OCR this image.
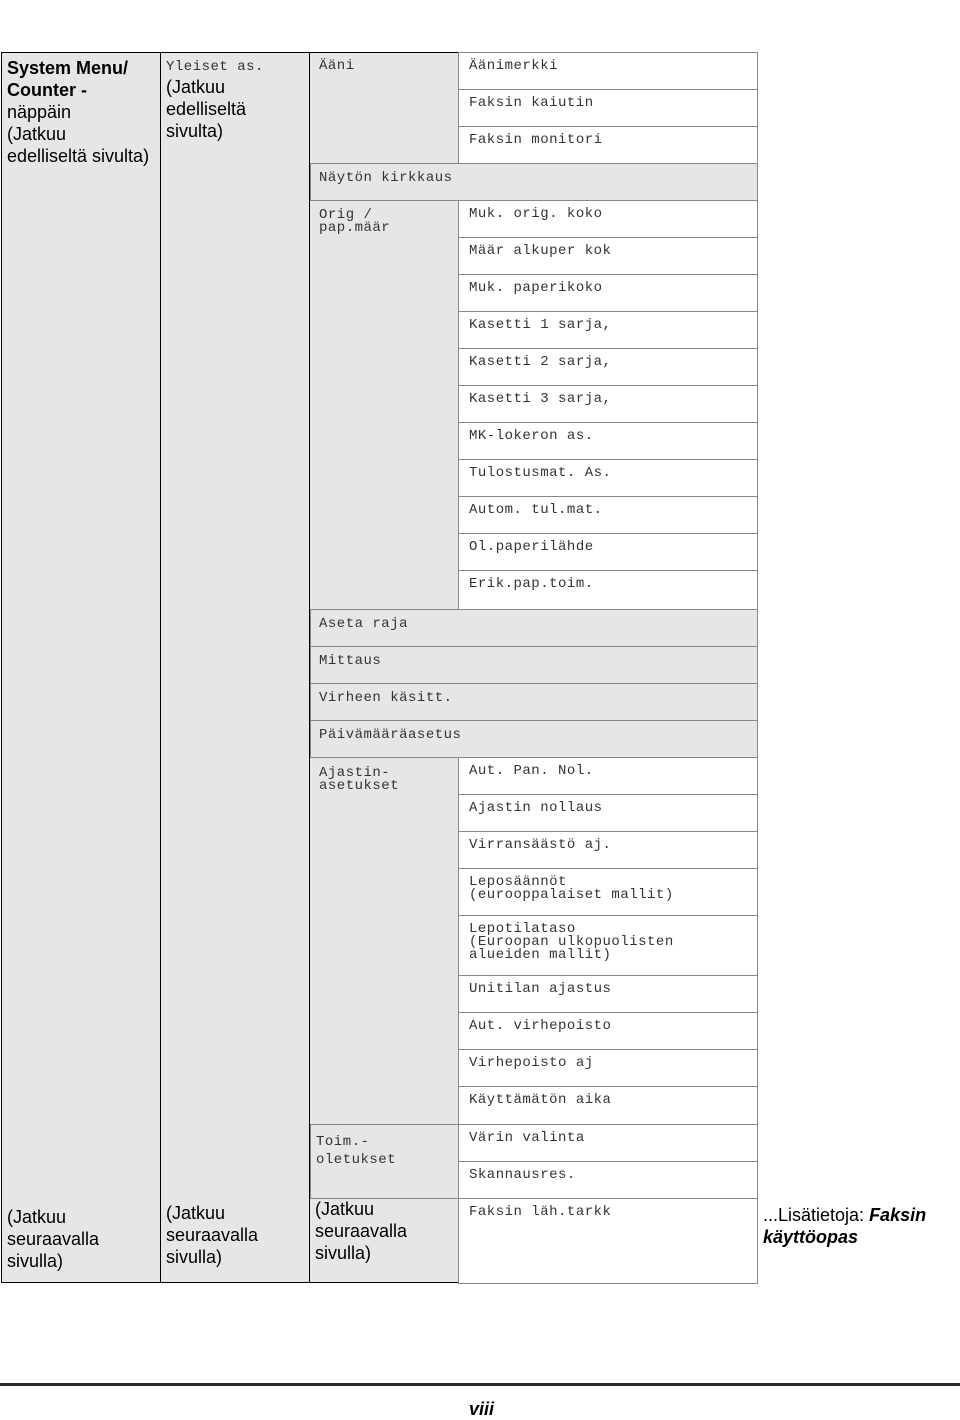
System Menu/
Counter -
näppäin
(Jatkuu
edelliseltä sivulta)
Yleiset as.
(Jatkuu
edelliseltä
sivulta)
Ääni
Näytön kirkkaus
Orig /
pap.määr
Aseta raja
Mittaus
Virheen käsitt.
Päivämääräasetus
Ajastin-
asetukset
Toim.-
oletukset
Äänimerkki
Faksin kaiutin
Faksin monitori
Muk. orig. koko
Määr alkuper kok
Muk. paperikoko
Kasetti 1 sarja,
Kasetti 2 sarja,
Kasetti 3 sarja,
MK-lokeron as.
Tulostusmat. As.
Autom. tul.mat.
Ol.paperilähde
Erik.pap.toim.
Aut. Pan. Nol.
Ajastin nollaus
Virransäästö aj.
Leposäännöt
(eurooppalaiset mallit)
Lepotilataso
(Euroopan ulkopuolisten
alueiden mallit)
Unitilan ajastus
Aut. virhepoisto
Virhepoisto aj
Käyttämätön aika
Värin valinta
Skannausres.
Faksin läh.tarkk
(Jatkuu
seuraavalla
sivulla)
(Jatkuu
seuraavalla
sivulla)
(Jatkuu
seuraavalla
sivulla)
...Lisätietoja: Faksin
käyttöopas
viii
